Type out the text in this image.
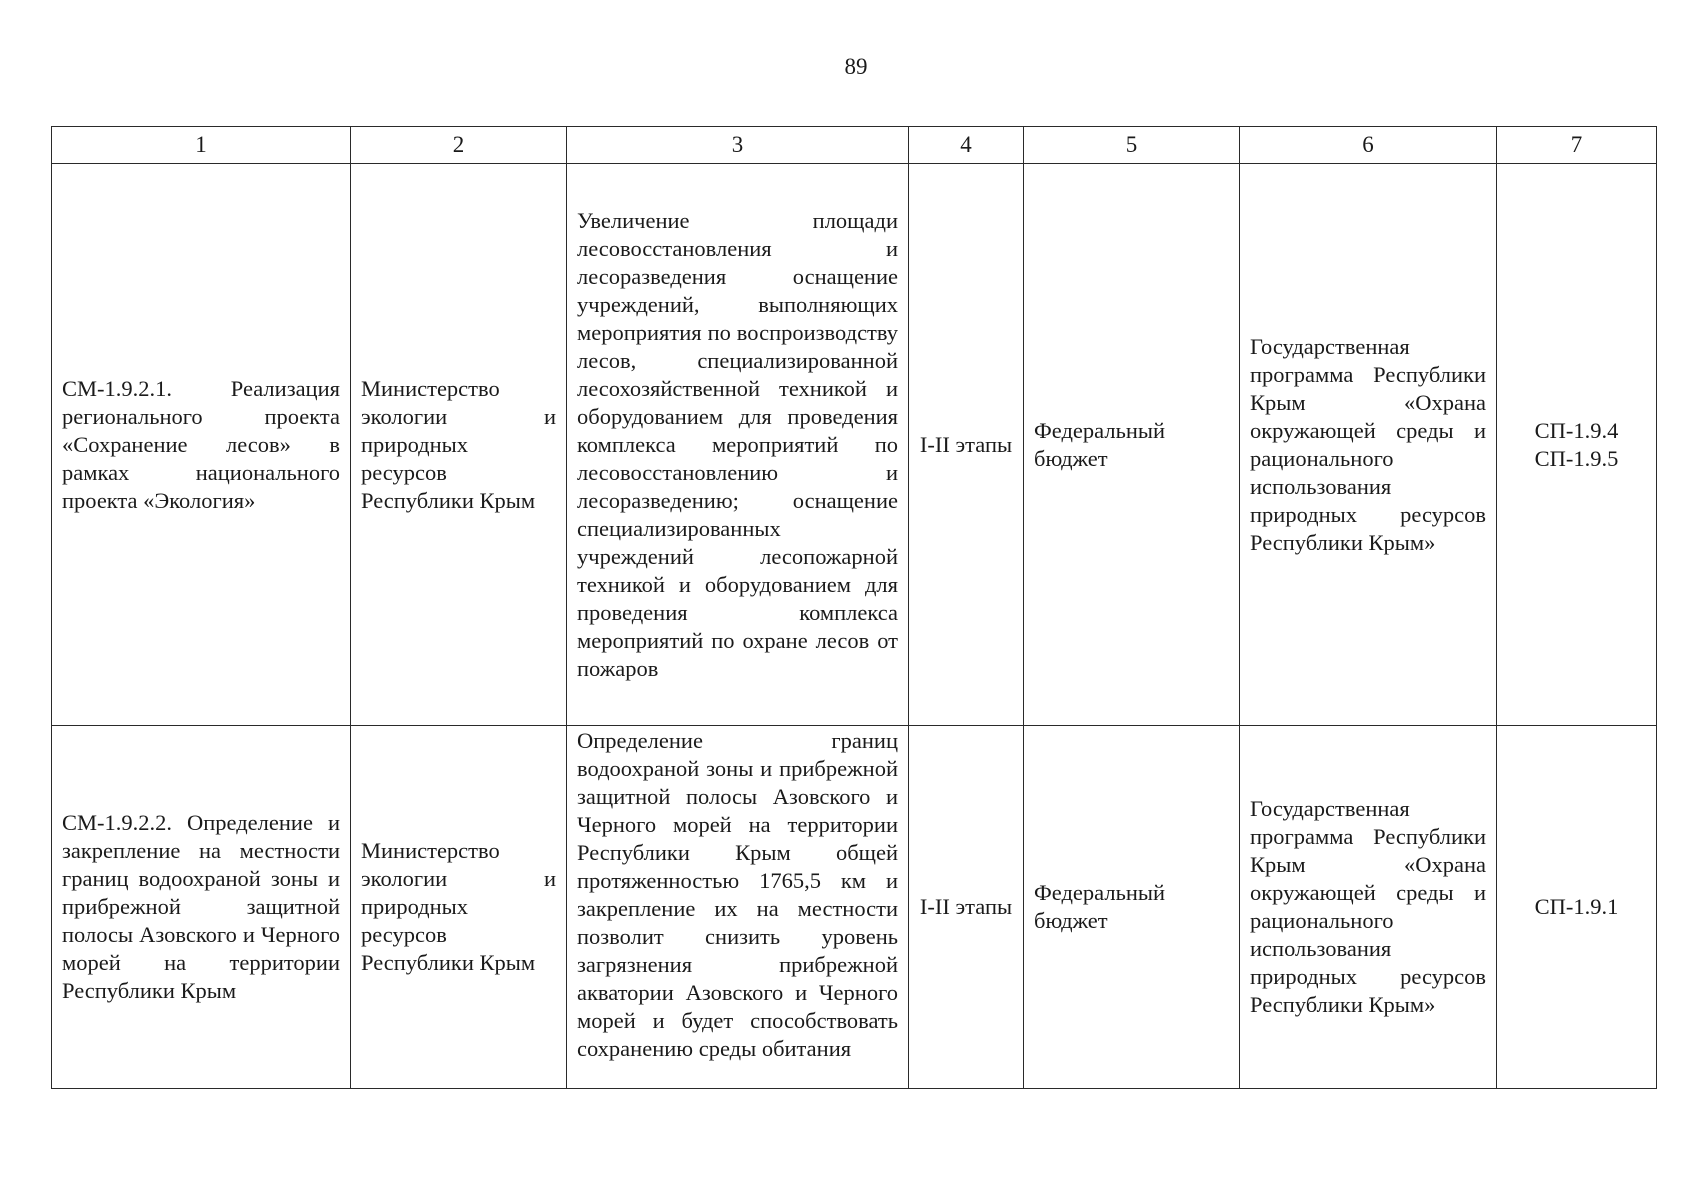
89
1	2	3	4	5	6	7
СМ-1.9.2.1. Реализация регионального проекта «Сохранение лесов» в рамках национального проекта «Экология»	Министерство экологии и природных ресурсов Республики Крым	Увеличение площади лесовосстановления и лесоразведения оснащение учреждений, выполняющих мероприятия по воспроизводству лесов, специализированной лесохозяйственной техникой и оборудованием для проведения комплекса мероприятий по лесовосстановлению и лесоразведению; оснащение специализированных учреждений лесопожарной техникой и оборудованием для проведения комплекса мероприятий по охране лесов от пожаров	I-II этапы	Федеральный бюджет	Государственная программа Республики Крым «Охрана окружающей среды и рационального использования природных ресурсов Республики Крым»	СП-1.9.4
СП-1.9.5

СМ-1.9.2.2. Определение и закрепление на местности границ водоохраной зоны и прибрежной защитной полосы Азовского и Черного морей на территории Республики Крым	Министерство экологии и природных ресурсов Республики Крым	Определение границ водоохраной зоны и прибрежной защитной полосы Азовского и Черного морей на территории Республики Крым общей протяженностью 1765,5 км и закрепление их на местности позволит снизить уровень загрязнения прибрежной акватории Азовского и Черного морей и будет способствовать сохранению среды обитания	I-II этапы	Федеральный бюджет	Государственная программа Республики Крым «Охрана окружающей среды и рационального использования природных ресурсов Республики Крым»	СП-1.9.1
